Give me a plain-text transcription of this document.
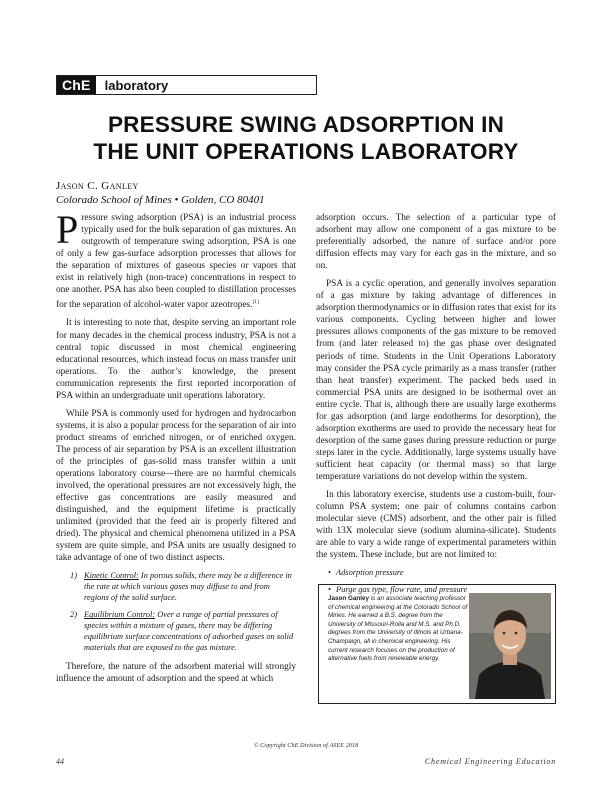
ChE	laboratory
PRESSURE SWING ADSORPTION IN
THE UNIT OPERATIONS LABORATORY
Jason C. Ganley
Colorado School of Mines • Golden, CO 80401

Pressure swing adsorption (PSA) is an industrial process typically used for the bulk separation of gas mixtures. An outgrowth of temperature swing adsorption, PSA is one of only a few gas-surface adsorption processes that allows for the separation of mixtures of gaseous species or vapors that exist in relatively high (non-trace) concentrations in respect to one another. PSA has also been coupled to distillation processes for the separation of alcohol-water vapor azeotropes.[1]

It is interesting to note that, despite serving an important role for many decades in the chemical process industry, PSA is not a central topic discussed in most chemical engineering educational resources, which instead focus on mass transfer unit operations. To the author’s knowledge, the present communication represents the first reported incorporation of PSA within an undergraduate unit operations laboratory.

While PSA is commonly used for hydrogen and hydrocarbon systems, it is also a popular process for the separation of air into product streams of enriched nitrogen, or of enriched oxygen. The process of air separation by PSA is an excellent illustration of the principles of gas-solid mass transfer within a unit operations laboratory course—there are no harmful chemicals involved, the operational pressures are not excessively high, the effective gas concentrations are easily measured and distinguished, and the equipment lifetime is practically unlimited (provided that the feed air is properly filtered and dried). The physical and chemical phenomena utilized in a PSA system are quite simple, and PSA units are usually designed to take advantage of one of two distinct aspects.

1) Kinetic Control: In porous solids, there may be a difference in the rate at which various gases may diffuse to and from regions of the solid surface.
2) Equilibrium Control: Over a range of partial pressures of species within a mixture of gases, there may be differing equilibrium surface concentrations of adsorbed gases on solid materials that are exposed to the gas mixture.

Therefore, the nature of the adsorbent material will strongly influence the amount of adsorption and the speed at which

adsorption occurs. The selection of a particular type of adsorbent may allow one component of a gas mixture to be preferentially adsorbed, the nature of surface and/or pore diffusion effects may vary for each gas in the mixture, and so on.

PSA is a cyclic operation, and generally involves separation of a gas mixture by taking advantage of differences in adsorption thermodynamics or in diffusion rates that exist for its various components. Cycling between higher and lower pressures allows components of the gas mixture to be removed from (and later released to) the gas phase over designated periods of time. Students in the Unit Operations Laboratory may consider the PSA cycle primarily as a mass transfer (rather than heat transfer) experiment. The packed beds used in commercial PSA units are designed to be isothermal over an entire cycle. That is, although there are usually large exotherms for gas adsorption (and large endotherms for desorption), the adsorption exotherms are used to provide the necessary heat for desorption of the same gases during pressure reduction or purge steps later in the cycle. Additionally, large systems usually have sufficient heat capacity (or thermal mass) so that large temperature variations do not develop within the system.

In this laboratory exercise, students use a custom-built, four-column PSA system; one pair of columns contains carbon molecular sieve (CMS) adsorbent, and the other pair is filled with 13X molecular sieve (sodium alumina-silicate). Students are able to vary a wide range of experimental parameters within the system. These include, but are not limited to:

• Adsorption pressure
• Purge gas type, flow rate, and pressure
Jason Ganley is an associate teaching professor of chemical engineering at the Colorado School of Mines. He earned a B.S. degree from the University of Missouri-Rolla and M.S. and Ph.D. degrees from the University of Illinois at Urbana-Champaign, all in chemical engineering. His current research focuses on the production of alternative fuels from renewable energy.
© Copyright ChE Division of ASEE 2018
44	Chemical Engineering Education
